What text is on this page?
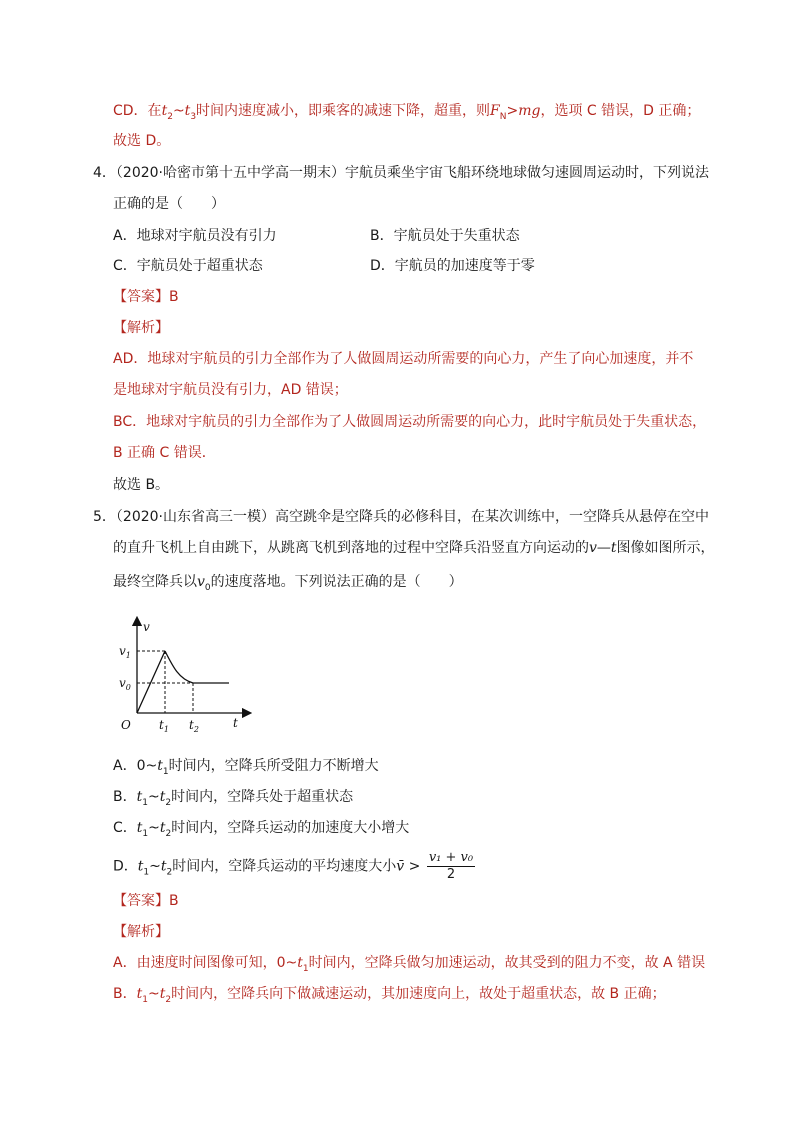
CD．在$t_2\sim t_3$时间内速度减小，即乘客的减速下降，超重，则$F_N>mg$，选项 C 错误，D 正确；
故选 D。
4．（2020·哈密市第十五中学高一期末）宇航员乘坐宇宙飞船环绕地球做匀速圆周运动时，下列说法
正确的是（　　）
A．地球对宇航员没有引力	B．宇航员处于失重状态
C．宇航员处于超重状态	D．宇航员的加速度等于零
【答案】B
【解析】
AD．地球对宇航员的引力全部作为了人做圆周运动所需要的向心力，产生了向心加速度，并不
是地球对宇航员没有引力，AD 错误；
BC．地球对宇航员的引力全部作为了人做圆周运动所需要的向心力，此时宇航员处于失重状态，
B 正确 C 错误．
故选 B。
5．（2020·山东省高三一模）高空跳伞是空降兵的必修科目，在某次训练中，一空降兵从悬停在空中
的直升飞机上自由跳下，从跳离飞机到落地的过程中空降兵沿竖直方向运动的v—t图像如图所示，
最终空降兵以$v_0$的速度落地。下列说法正确的是（　　）
v
t
O
$v_1$
$v_0$
$t_1$ $t_2$
A．$0\sim t_1$时间内，空降兵所受阻力不断增大
B．$t_1\sim t_2$时间内，空降兵处于超重状态
C．$t_1\sim t_2$时间内，空降兵运动的加速度大小增大
D．$t_1\sim t_2$时间内，空降兵运动的平均速度大小v̄ > $\frac{\text{v₁ + v₀}}{2}$
【答案】B
【解析】
A．由速度时间图像可知，$0\sim t_1$时间内，空降兵做匀加速运动，故其受到的阻力不变，故 A 错误
B．$t_1\sim t_2$时间内，空降兵向下做减速运动，其加速度向上，故处于超重状态，故 B 正确；
